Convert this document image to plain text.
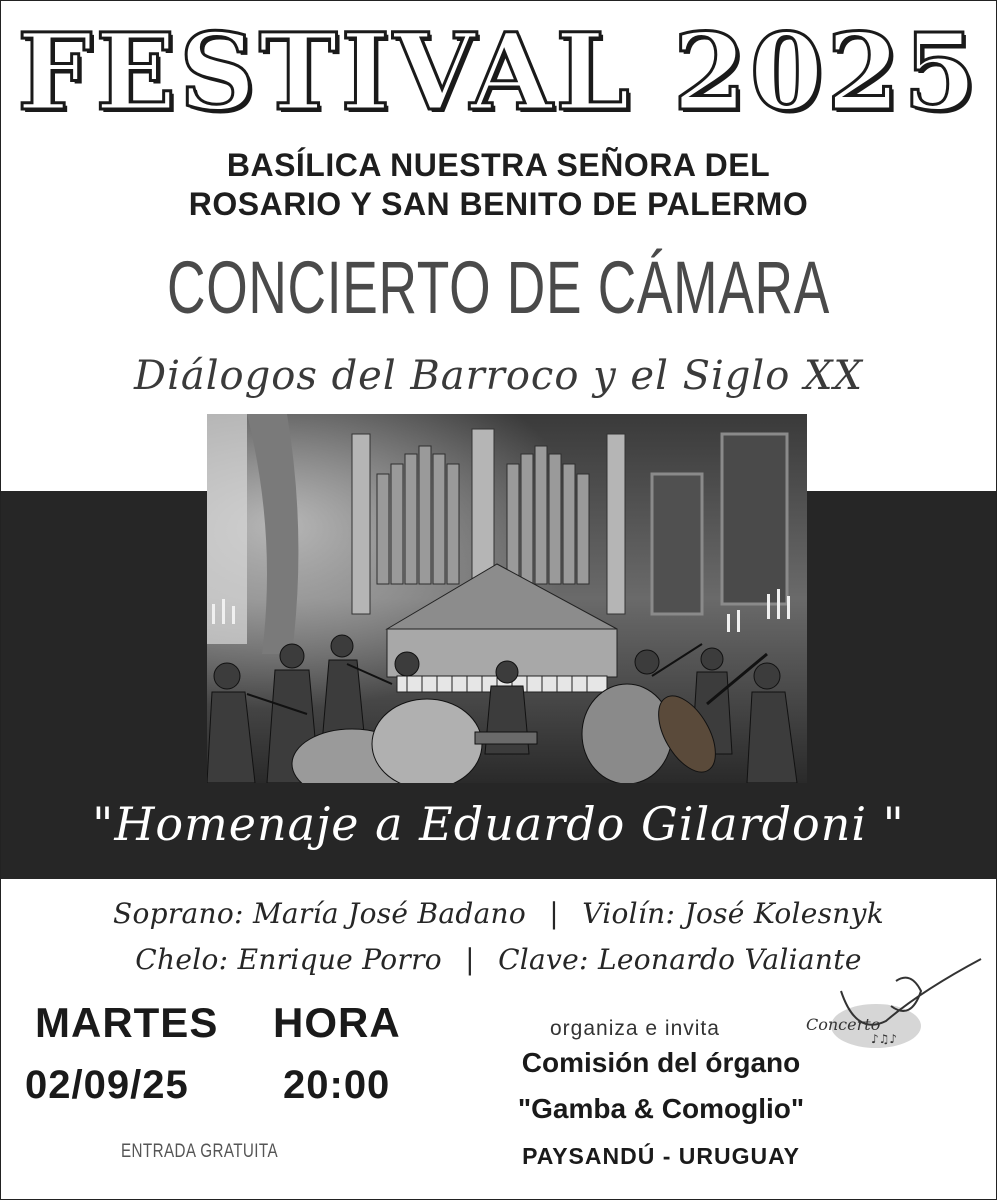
FESTIVAL 2025
BASÍLICA NUESTRA SEÑORA DEL
ROSARIO Y SAN BENITO DE PALERMO
CONCIERTO DE CÁMARA
Diálogos del Barroco y el Siglo XX
"Homenaje a Eduardo Gilardoni "
Soprano: María José Badano | Violín: José Kolesnyk
Chelo: Enrique Porro | Clave: Leonardo Valiante
MARTES HORA
02/09/25 20:00
ENTRADA GRATUITA
organiza e invita
Comisión del órgano
"Gamba & Comoglio"
PAYSANDÚ - URUGUAY
♪♫♪
Concerto
